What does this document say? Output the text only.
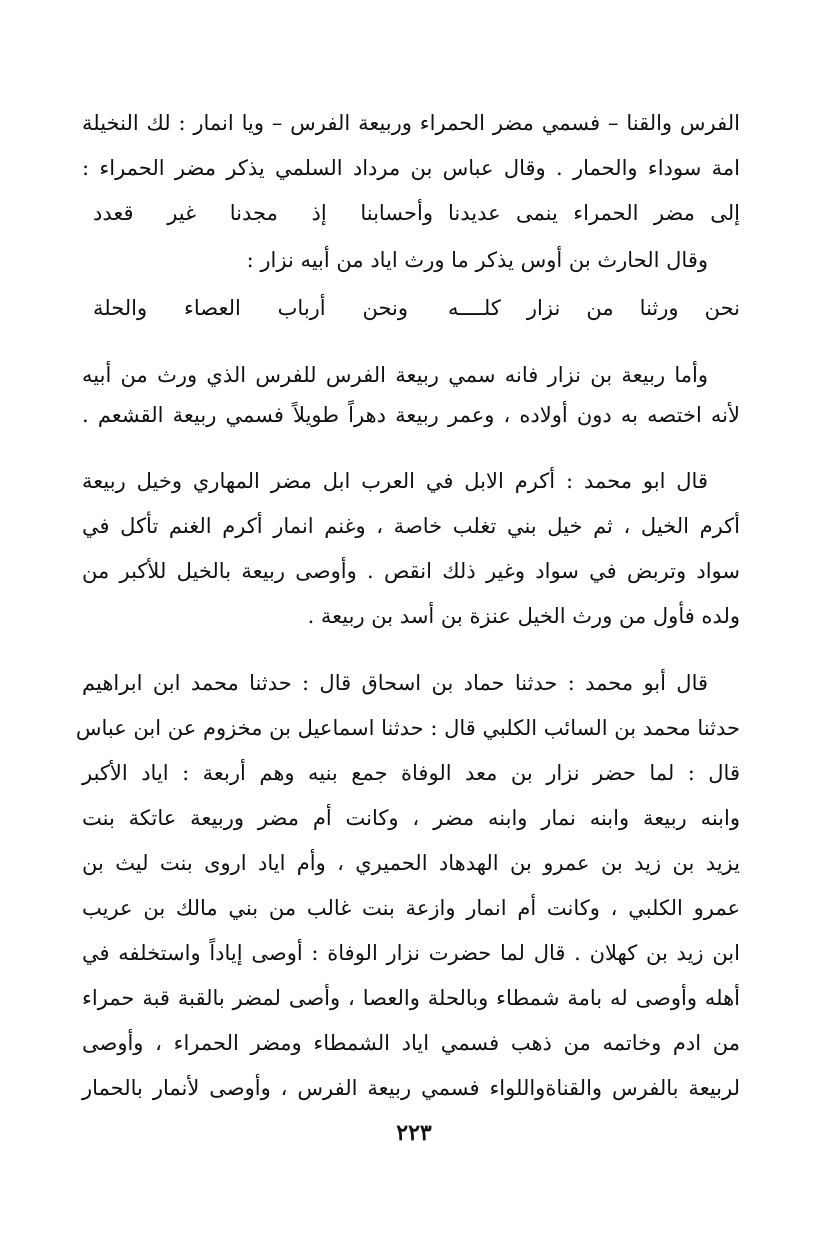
الفرس والقنا – فسمي مضر الحمراء وربيعة الفرس – ويا انمار : لك النخيلة
امة سوداء والحمار . وقال عباس بن مرداد السلمي يذكر مضر الحمراء :
إلى مضر الحمراء ينمى عديدنا
وأحسابنا إذ مجدنا غير قعدد
وقال الحارث بن أوس يذكر ما ورث اياد من أبيه نزار :
نحن ورثنا من نزار كلــــه
ونحن أرباب العصاء والحلة
وأما ربيعة بن نزار فانه سمي ربيعة الفرس للفرس الذي ورث من أبيه
لأنه اختصه به دون أولاده ، وعمر ربيعة دهراً طويلاً فسمي ربيعة القشعم .
قال ابو محمد : أكرم الابل في العرب ابل مضر المهاري وخيل ربيعة
أكرم الخيل ، ثم خيل بني تغلب خاصة ، وغنم انمار أكرم الغنم تأكل في
سواد وتربض في سواد وغير ذلك انقص . وأوصى ربيعة بالخيل للأكبر من
ولده فأول من ورث الخيل عنزة بن أسد بن ربيعة .
قال أبو محمد : حدثنا حماد بن اسحاق قال : حدثنا محمد ابن ابراهيم
حدثنا محمد بن السائب الكلبي قال : حدثنا اسماعيل بن مخزوم عن ابن عباس
قال : لما حضر نزار بن معد الوفاة جمع بنيه وهم أربعة : اياد الأكبر
وابنه ربيعة وابنه نمار وابنه مضر ، وكانت أم مضر وربيعة عاتكة بنت
يزيد بن زيد بن عمرو بن الهدهاد الحميري ، وأم اياد اروى بنت ليث بن
عمرو الكلبي ، وكانت أم انمار وازعة بنت غالب من بني مالك بن عريب
ابن زيد بن كهلان . قال لما حضرت نزار الوفاة : أوصى إياداً واستخلفه في
أهله وأوصى له بامة شمطاء وبالحلة والعصا ، وأصى لمضر بالقبة قبة حمراء
من ادم وخاتمه من ذهب فسمي اياد الشمطاء ومضر الحمراء ، وأوصى
لربيعة بالفرس والقناةواللواء فسمي ربيعة الفرس ، وأوصى لأنمار بالحمار
٢٢٣
